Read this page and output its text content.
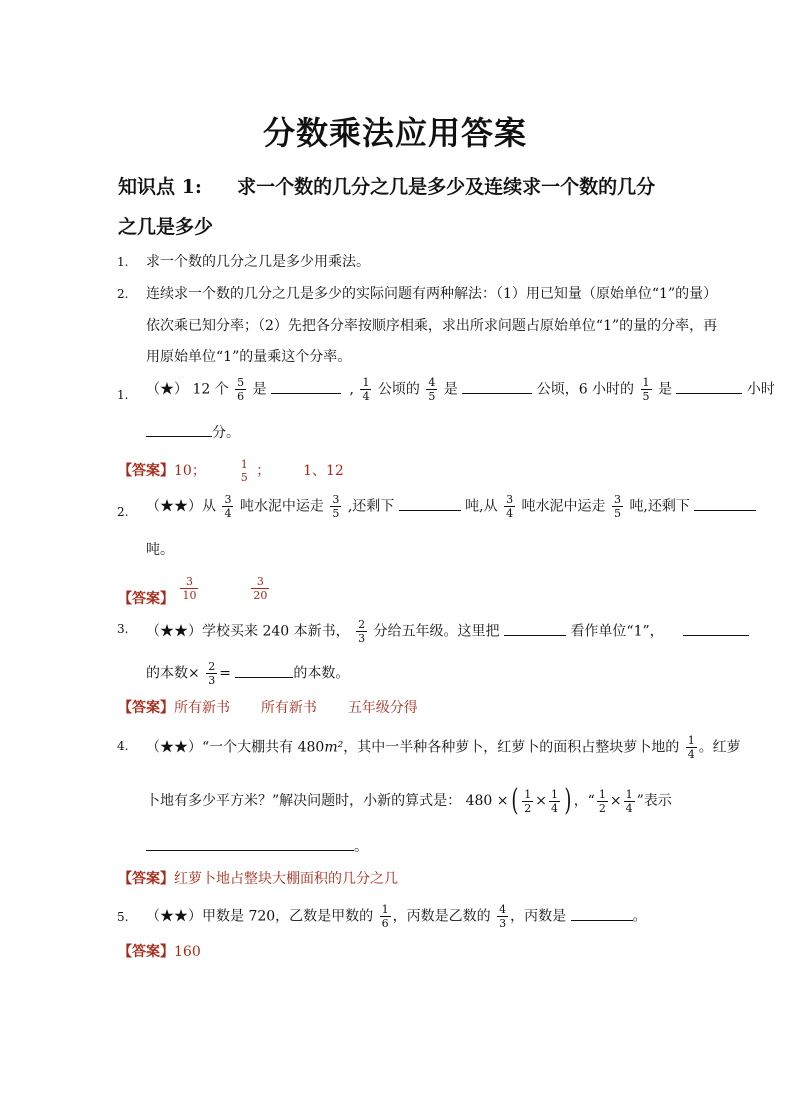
分数乘法应用答案
知识点 1: 求一个数的几分之几是多少及连续求一个数的几分
之几是多少
1. 求一个数的几分之几是多少用乘法。
2. 连续求一个数的几分之几是多少的实际问题有两种解法：（1）用已知量（原始单位“1”的量）
依次乘已知分率；（2）先把各分率按顺序相乘，求出所求问题占原始单位“1”的量的分率，再
用原始单位“1”的量乘这个分率。
1. （★） 12 个 $\frac{5}{6}$ 是	, $\frac{1}{4}$ 公顷的 $\frac{4}{5}$ 是	公顷，6 小时的 $\frac{1}{5}$ 是	小时
分。
【答案】10；	1
5 ； 1、12
2. （★★）从 $\frac{3}{4}$ 吨水泥中运走 $\frac{3}{5}$ ,还剩下	吨,从 $\frac{3}{4}$ 吨水泥中运走 $\frac{3}{5}$ 吨,还剩下
吨。
【答案】 $\frac{3}{10}$
	$\frac{3}{20}$
3. （★★）学校买来 240 本新书， $\frac{2}{3}$ 分给五年级。这里把	看作单位“1”，
的本数× $\frac{2}{3}$ =	的本数。
【答案】所有新书 所有新书 五年级分得
4. （★★）“一个大棚共有 480m²，其中一半种各种萝卜，红萝卜的面积占整块萝卜地的 $\frac{1}{4}$ 。红萝
卜地有多少平方米？”解决问题时，小新的算式是： 480 ×( $\frac{1}{2} \times \frac{1}{4}$ ) ，“ $\frac{1}{2} \times \frac{1}{4}$ ”表示
。
【答案】红萝卜地占整块大棚面积的几分之几
5. （★★）甲数是 720，乙数是甲数的 $\frac{1}{6}$ ，丙数是乙数的 $\frac{4}{3}$ ，丙数是	。
【答案】160
